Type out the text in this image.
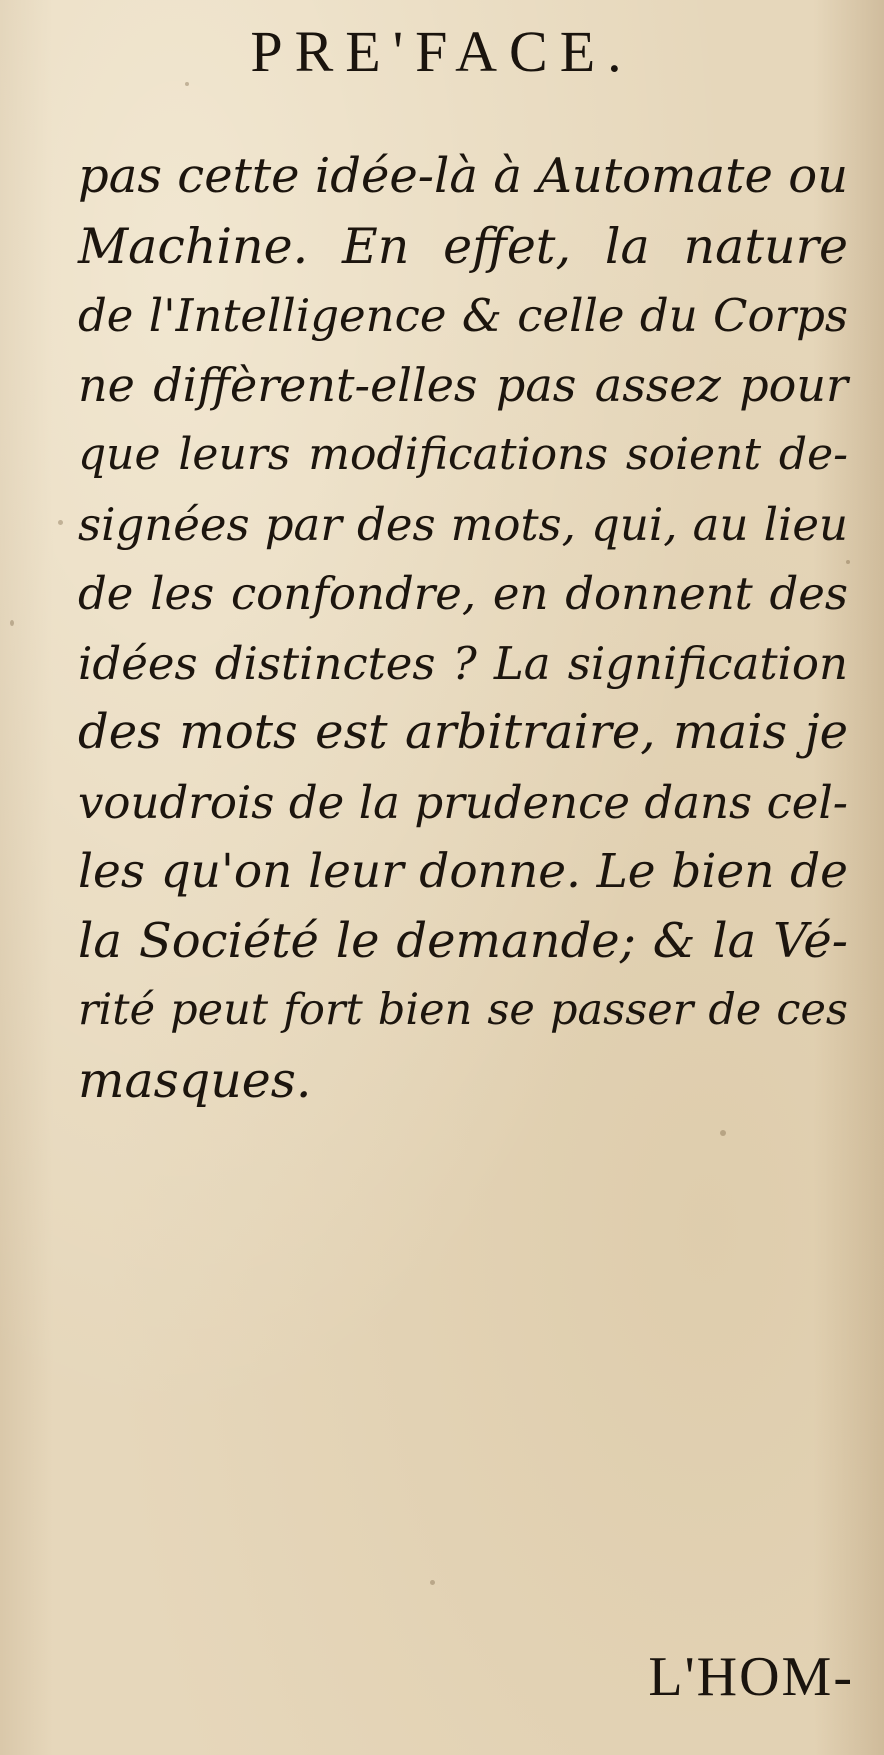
PRE'FACE.
pas cette idée-là à Automate ou
Machine. En effet, la nature
de l'Intelligence & celle du Corps
ne diffèrent-elles pas assez pour
que leurs modifications soient de-
signées par des mots, qui, au lieu
de les confondre, en donnent des
idées distinctes ? La signification
des mots est arbitraire, mais je
voudrois de la prudence dans cel-
les qu'on leur donne. Le bien de
la Société le demande; & la Vé-
rité peut fort bien se passer de ces
masques.
L'HOM-
